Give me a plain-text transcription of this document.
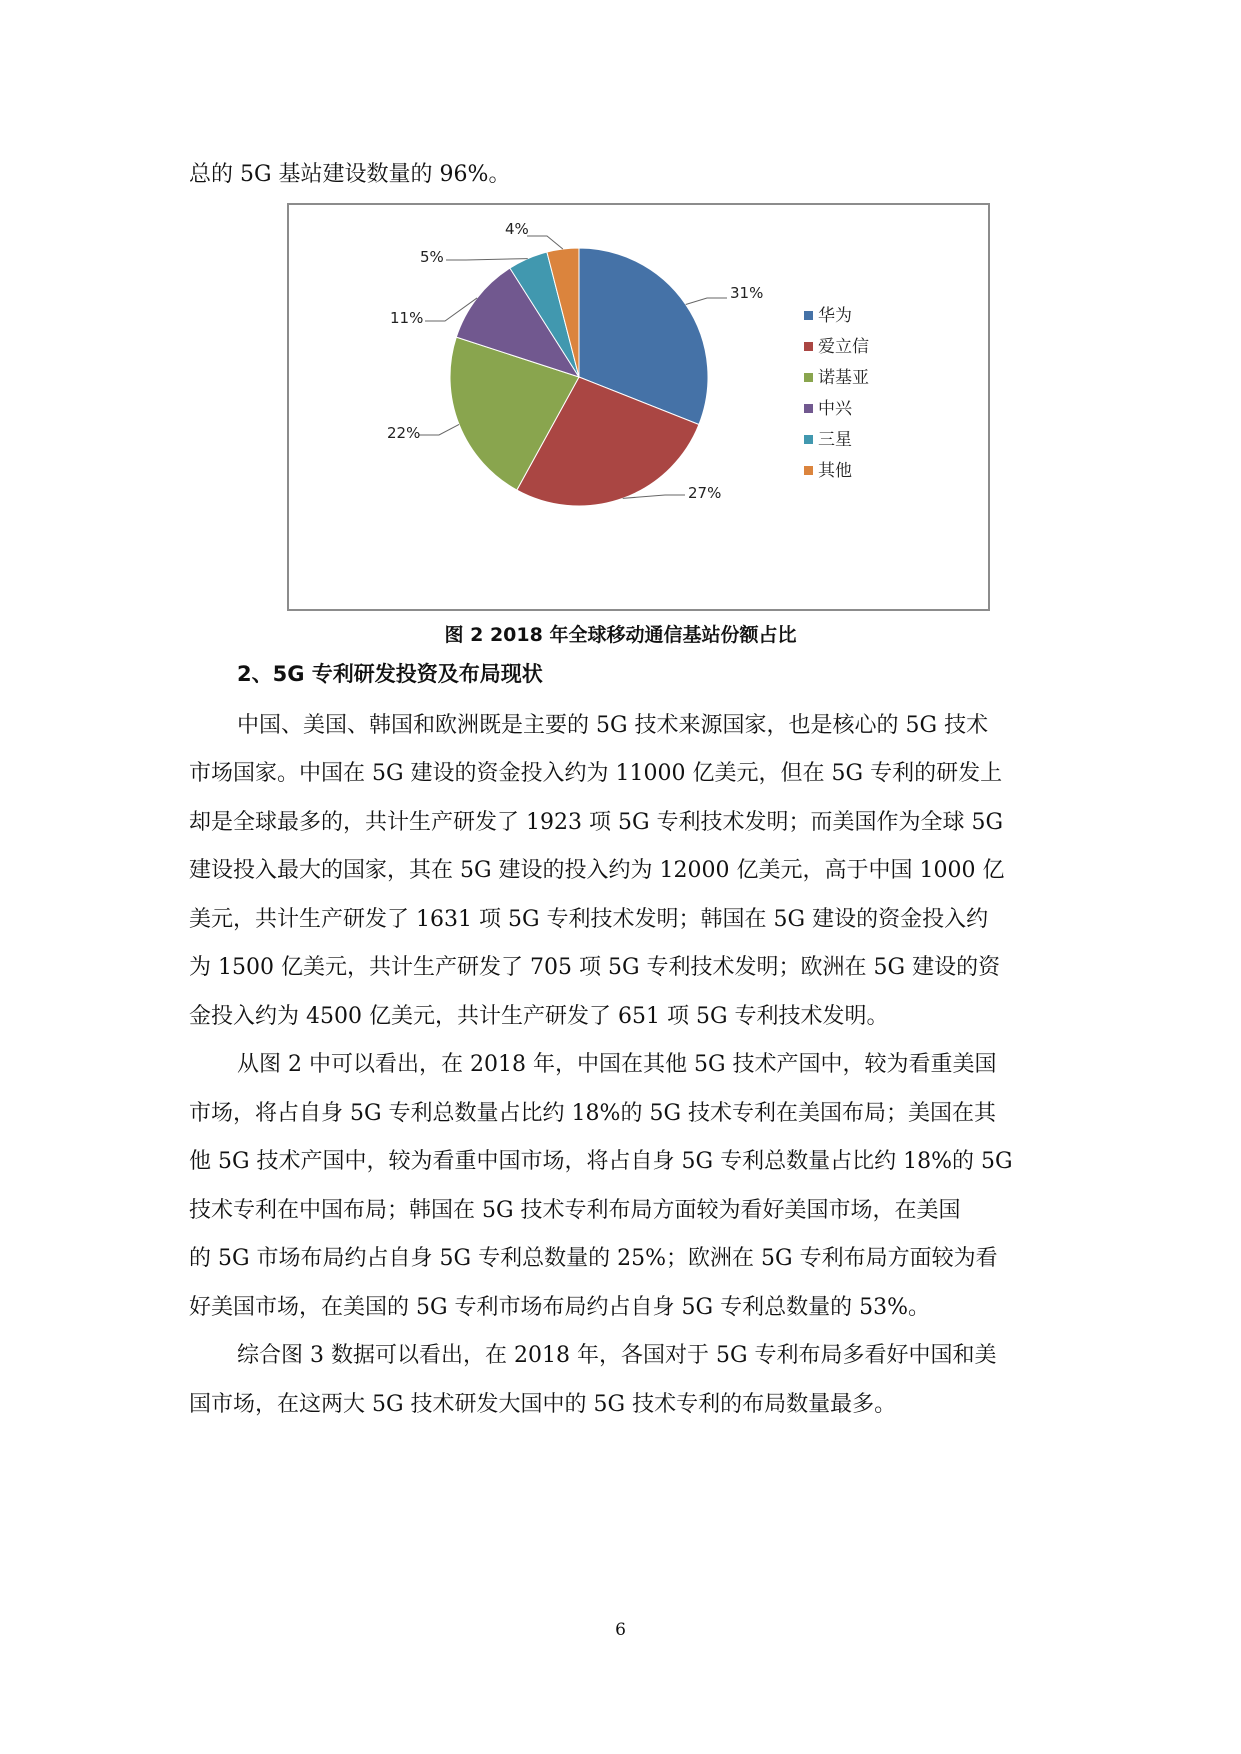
总的 5G 基站建设数量的 96%。
31%
27%
22%
11%
5%
4%
华为
爱立信
诺基亚
中兴
三星
其他
图 2 2018 年全球移动通信基站份额占比
2、5G 专利研发投资及布局现状
中国、美国、韩国和欧洲既是主要的 5G 技术来源国家，也是核心的 5G 技术
市场国家。中国在 5G 建设的资金投入约为 11000 亿美元，但在 5G 专利的研发上
却是全球最多的，共计生产研发了 1923 项 5G 专利技术发明；而美国作为全球 5G
建设投入最大的国家，其在 5G 建设的投入约为 12000 亿美元，高于中国 1000 亿
美元，共计生产研发了 1631 项 5G 专利技术发明；韩国在 5G 建设的资金投入约
为 1500 亿美元，共计生产研发了 705 项 5G 专利技术发明；欧洲在 5G 建设的资
金投入约为 4500 亿美元，共计生产研发了 651 项 5G 专利技术发明。
从图 2 中可以看出，在 2018 年，中国在其他 5G 技术产国中，较为看重美国
市场，将占自身 5G 专利总数量占比约 18%的 5G 技术专利在美国布局；美国在其
他 5G 技术产国中，较为看重中国市场，将占自身 5G 专利总数量占比约 18%的 5G
技术专利在中国布局；韩国在 5G 技术专利布局方面较为看好美国市场，在美国
的 5G 市场布局约占自身 5G 专利总数量的 25%；欧洲在 5G 专利布局方面较为看
好美国市场，在美国的 5G 专利市场布局约占自身 5G 专利总数量的 53%。
综合图 3 数据可以看出，在 2018 年，各国对于 5G 专利布局多看好中国和美
国市场，在这两大 5G 技术研发大国中的 5G 技术专利的布局数量最多。
6
